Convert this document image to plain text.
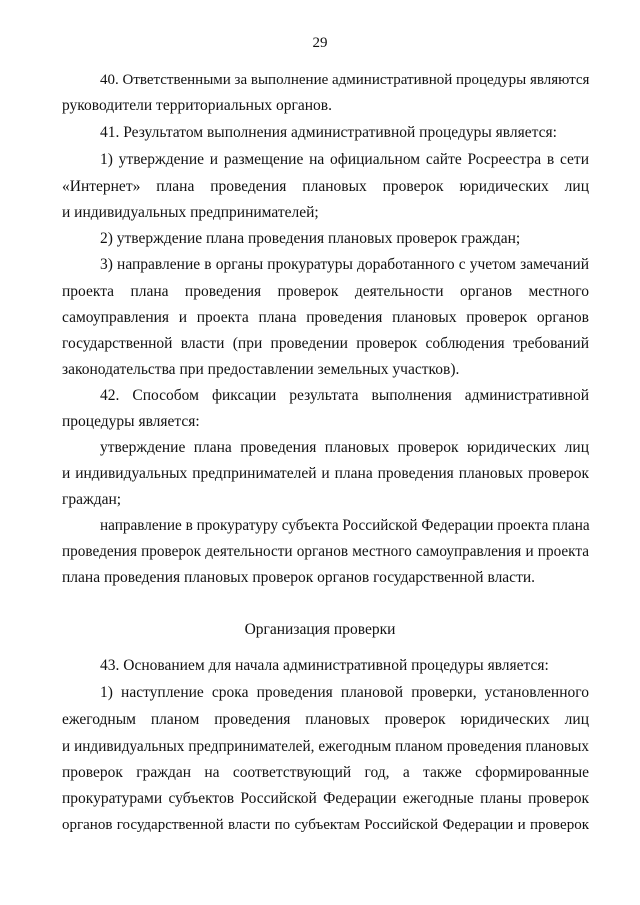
29
40. Ответственными за выполнение административной процедуры являются
руководители территориальных органов.
41. Результатом выполнения административной процедуры является:
1) утверждение и размещение на официальном сайте Росреестра в сети
«Интернет» плана проведения плановых проверок юридических лиц
и индивидуальных предпринимателей;
2) утверждение плана проведения плановых проверок граждан;
3) направление в органы прокуратуры доработанного с учетом замечаний
проекта плана проведения проверок деятельности органов местного
самоуправления и проекта плана проведения плановых проверок органов
государственной власти (при проведении проверок соблюдения требований
законодательства при предоставлении земельных участков).
42. Способом фиксации результата выполнения административной
процедуры является:
утверждение плана проведения плановых проверок юридических лиц
и индивидуальных предпринимателей и плана проведения плановых проверок
граждан;
направление в прокуратуру субъекта Российской Федерации проекта плана
проведения проверок деятельности органов местного самоуправления и проекта
плана проведения плановых проверок органов государственной власти.
Организация проверки
43. Основанием для начала административной процедуры является:
1) наступление срока проведения плановой проверки, установленного
ежегодным планом проведения плановых проверок юридических лиц
и индивидуальных предпринимателей, ежегодным планом проведения плановых
проверок граждан на соответствующий год, а также сформированные
прокуратурами субъектов Российской Федерации ежегодные планы проверок
органов государственной власти по субъектам Российской Федерации и проверок
